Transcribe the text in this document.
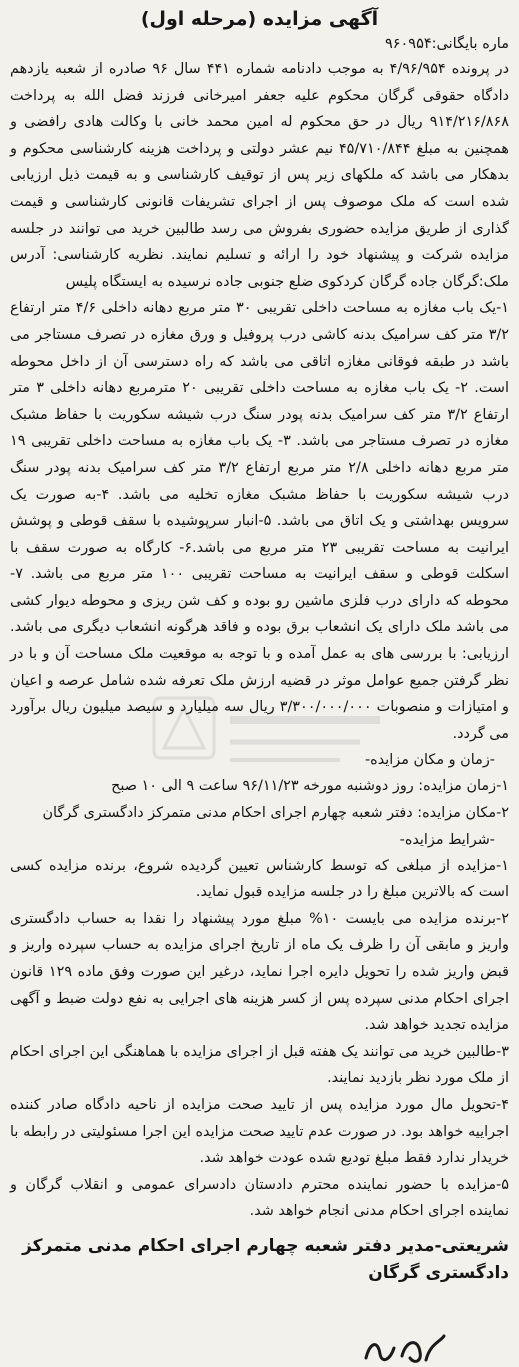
آگهی مزایده (مرحله اول)
ماره بایگانی:۹۶۰۹۵۴

در پرونده ۴/۹۶/۹۵۴ به موجب دادنامه شماره ۴۴۱ سال ۹۶ صادره از شعبه یازدهم دادگاه حقوقی گرگان محکوم علیه جعفر امیرخانی فرزند فضل الله به پرداخت ۹۱۴/۲۱۶/۸۶۸ ریال در حق محکوم له امین محمد خانی با وکالت هادی رافضی و همچنین به مبلغ ۴۵/۷۱۰/۸۴۴ نیم عشر دولتی و پرداخت هزینه کارشناسی محکوم و بدهکار می باشد که ملکهای زیر پس از توقیف کارشناسی و به قیمت ذیل ارزیابی شده است که ملک موصوف پس از اجرای تشریفات قانونی کارشناسی و قیمت گذاری از طریق مزایده حضوری بفروش می رسد طالبین خرید می توانند در جلسه مزایده شرکت و پیشنهاد خود را ارائه و تسلیم نمایند. نظریه کارشناسی: آدرس ملک:گرگان جاده گرگان کردکوی ضلع جنوبی جاده نرسیده به ایستگاه پلیس

۱-یک باب مغازه به مساحت داخلی تقریبی ۳۰ متر مربع دهانه داخلی ۴/۶ متر ارتفاع ۳/۲ متر کف سرامیک بدنه کاشی درب پروفیل و ورق مغازه در تصرف مستاجر می باشد در طبقه فوقانی مغازه اتاقی می باشد که راه دسترسی آن از داخل محوطه است. ۲- یک باب مغازه به مساحت داخلی تقریبی ۲۰ مترمربع دهانه داخلی ۳ متر ارتفاع ۳/۲ متر کف سرامیک بدنه پودر سنگ درب شیشه سکوریت با حفاظ مشبک مغازه در تصرف مستاجر می باشد. ۳- یک باب مغازه به مساحت داخلی تقریبی ۱۹ متر مربع دهانه داخلی ۲/۸ متر مربع ارتفاع ۳/۲ متر کف سرامیک بدنه پودر سنگ درب شیشه سکوریت با حفاظ مشبک مغازه تخلیه می باشد. ۴-به صورت یک سرویس بهداشتی و یک اتاق می باشد. ۵-انبار سرپوشیده با سقف قوطی و پوشش ایرانیت به مساحت تقریبی ۲۳ متر مربع می باشد.۶- کارگاه به صورت سقف با اسکلت قوطی و سقف ایرانیت به مساحت تقریبی ۱۰۰ متر مربع می باشد. ۷-محوطه که دارای درب فلزی ماشین رو بوده و کف شن ریزی و محوطه دیوار کشی می باشد ملک دارای یک انشعاب برق بوده و فاقد هرگونه انشعاب دیگری می باشد. ارزیابی: با بررسی های به عمل آمده و با توجه به موقعیت ملک مساحت آن و با در نظر گرفتن جمیع عوامل موثر در قضیه ارزش ملک تعرفه شده شامل عرصه و اعیان و امتیازات و منصوبات ۳/۳۰۰/۰۰۰/۰۰۰ ریال سه میلیارد و سیصد میلیون ریال برآورد می گردد.

-زمان و مکان مزایده-
۱-زمان مزایده: روز دوشنبه مورخه ۹۶/۱۱/۲۳ ساعت ۹ الی ۱۰ صبح
۲-مکان مزایده: دفتر شعبه چهارم اجرای احکام مدنی متمرکز دادگستری گرگان
-شرایط مزایده-
۱-مزایده از مبلغی که توسط کارشناس تعیین گردیده شروع، برنده مزایده کسی است که بالاترین مبلغ را در جلسه مزایده قبول نماید.
۲-برنده مزایده می بایست ۱۰% مبلغ مورد پیشنهاد را نقدا به حساب دادگستری واریز و مابقی آن را ظرف یک ماه از تاریخ اجرای مزایده به حساب سپرده واریز و قبض واریز شده را تحویل دایره اجرا نماید، درغیر این صورت وفق ماده ۱۲۹ قانون اجرای احکام مدنی سپرده پس از کسر هزینه های اجرایی به نفع دولت ضبط و آگهی مزایده تجدید خواهد شد.
۳-طالبین خرید می توانند یک هفته قبل از اجرای مزایده با هماهنگی این اجرای احکام از ملک مورد نظر بازدید نمایند.
۴-تحویل مال مورد مزایده پس از تایید صحت مزایده از ناحیه دادگاه صادر کننده اجراییه خواهد بود. در صورت عدم تایید صحت مزایده این اجرا مسئولیتی در رابطه با خریدار ندارد فقط مبلغ تودیع شده عودت خواهد شد.
۵-مزایده با حضور نماینده محترم دادستان دادسرای عمومی و انقلاب گرگان و نماینده اجرای احکام مدنی انجام خواهد شد.
شریعتی-مدیر دفتر شعبه چهارم اجرای احکام مدنی متمرکز دادگستری گرگان
